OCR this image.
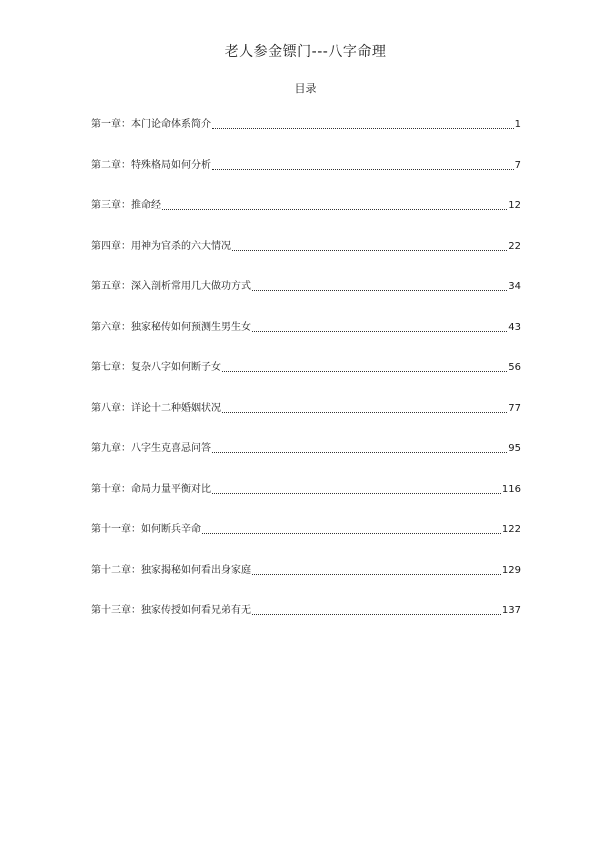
老人参金镖门---八字命理
目录
第一章：本门论命体系简介	1
第二章：特殊格局如何分析	7
第三章：推命经	12
第四章：用神为官杀的六大情况	22
第五章：深入剖析常用几大做功方式	34
第六章：独家秘传如何预测生男生女	43
第七章：复杂八字如何断子女	56
第八章：详论十二种婚姻状况	77
第九章：八字生克喜忌问答	95
第十章：命局力量平衡对比	116
第十一章：如何断兵辛命	122
第十二章：独家揭秘如何看出身家庭	129
第十三章：独家传授如何看兄弟有无	137
